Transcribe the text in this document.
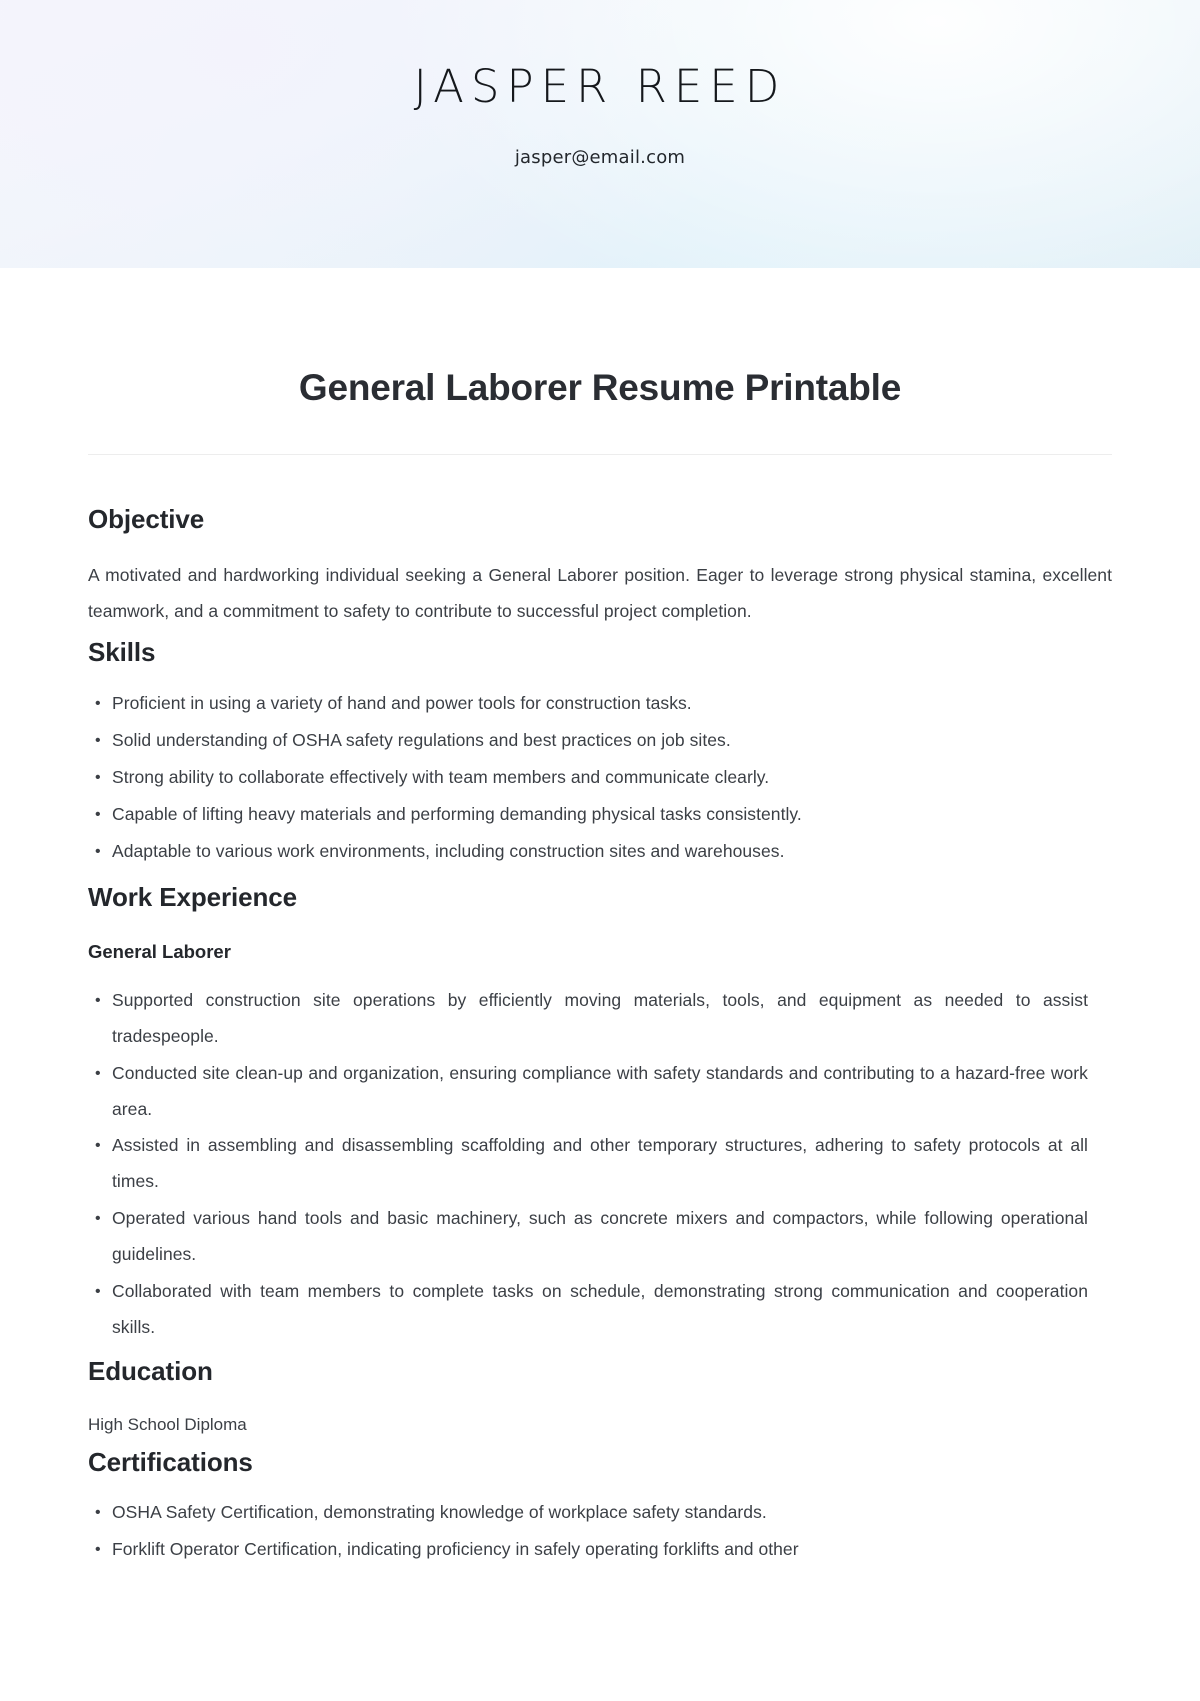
JASPER REED
jasper@email.com
General Laborer Resume Printable
Objective

A motivated and hardworking individual seeking a General Laborer position. Eager to leverage strong physical stamina, excellent teamwork, and a commitment to safety to contribute to successful project completion.

Skills
• Proficient in using a variety of hand and power tools for construction tasks.
• Solid understanding of OSHA safety regulations and best practices on job sites.
• Strong ability to collaborate effectively with team members and communicate clearly.
• Capable of lifting heavy materials and performing demanding physical tasks consistently.
• Adaptable to various work environments, including construction sites and warehouses.
Work Experience
General Laborer
• Supported construction site operations by efficiently moving materials, tools, and equipment as needed to assist tradespeople.
• Conducted site clean-up and organization, ensuring compliance with safety standards and contributing to a hazard-free work area.
• Assisted in assembling and disassembling scaffolding and other temporary structures, adhering to safety protocols at all times.
• Operated various hand tools and basic machinery, such as concrete mixers and compactors, while following operational guidelines.
• Collaborated with team members to complete tasks on schedule, demonstrating strong communication and cooperation skills.
Education
High School Diploma
Certifications
• OSHA Safety Certification, demonstrating knowledge of workplace safety standards.
• Forklift Operator Certification, indicating proficiency in safely operating forklifts and other
